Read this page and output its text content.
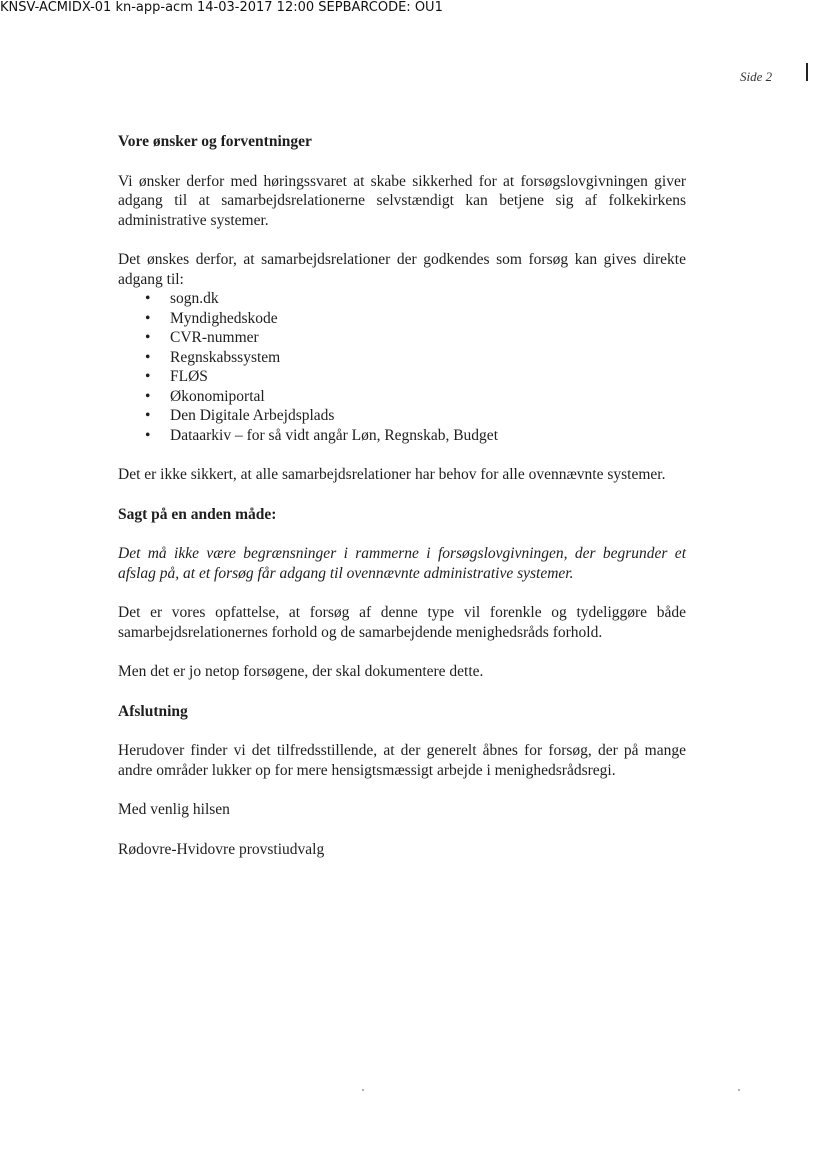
KNSV-ACMIDX-01 kn-app-acm 14-03-2017 12:00 SEPBARCODE: OU1
Side 2
Vore ønsker og forventninger

Vi ønsker derfor med høringssvaret at skabe sikkerhed for at forsøgslovgivningen giver adgang til at samarbejdsrelationerne selvstændigt kan betjene sig af folkekirkens administrative systemer.

Det ønskes derfor, at samarbejdsrelationer der godkendes som forsøg kan gives direkte adgang til:

• sogn.dk
• Myndighedskode
• CVR-nummer
• Regnskabssystem
• FLØS
• Økonomiportal
• Den Digitale Arbejdsplads
• Dataarkiv – for så vidt angår Løn, Regnskab, Budget

Det er ikke sikkert, at alle samarbejdsrelationer har behov for alle ovennævnte systemer.

Sagt på en anden måde:

Det må ikke være begrænsninger i rammerne i forsøgslovgivningen, der begrunder et afslag på, at et forsøg får adgang til ovennævnte administrative systemer.

Det er vores opfattelse, at forsøg af denne type vil forenkle og tydeliggøre både samarbejdsrelationernes forhold og de samarbejdende menighedsråds forhold.

Men det er jo netop forsøgene, der skal dokumentere dette.

Afslutning

Herudover finder vi det tilfredsstillende, at der generelt åbnes for forsøg, der på mange andre områder lukker op for mere hensigtsmæssigt arbejde i menighedsrådsregi.

Med venlig hilsen

Rødovre-Hvidovre provstiudvalg
